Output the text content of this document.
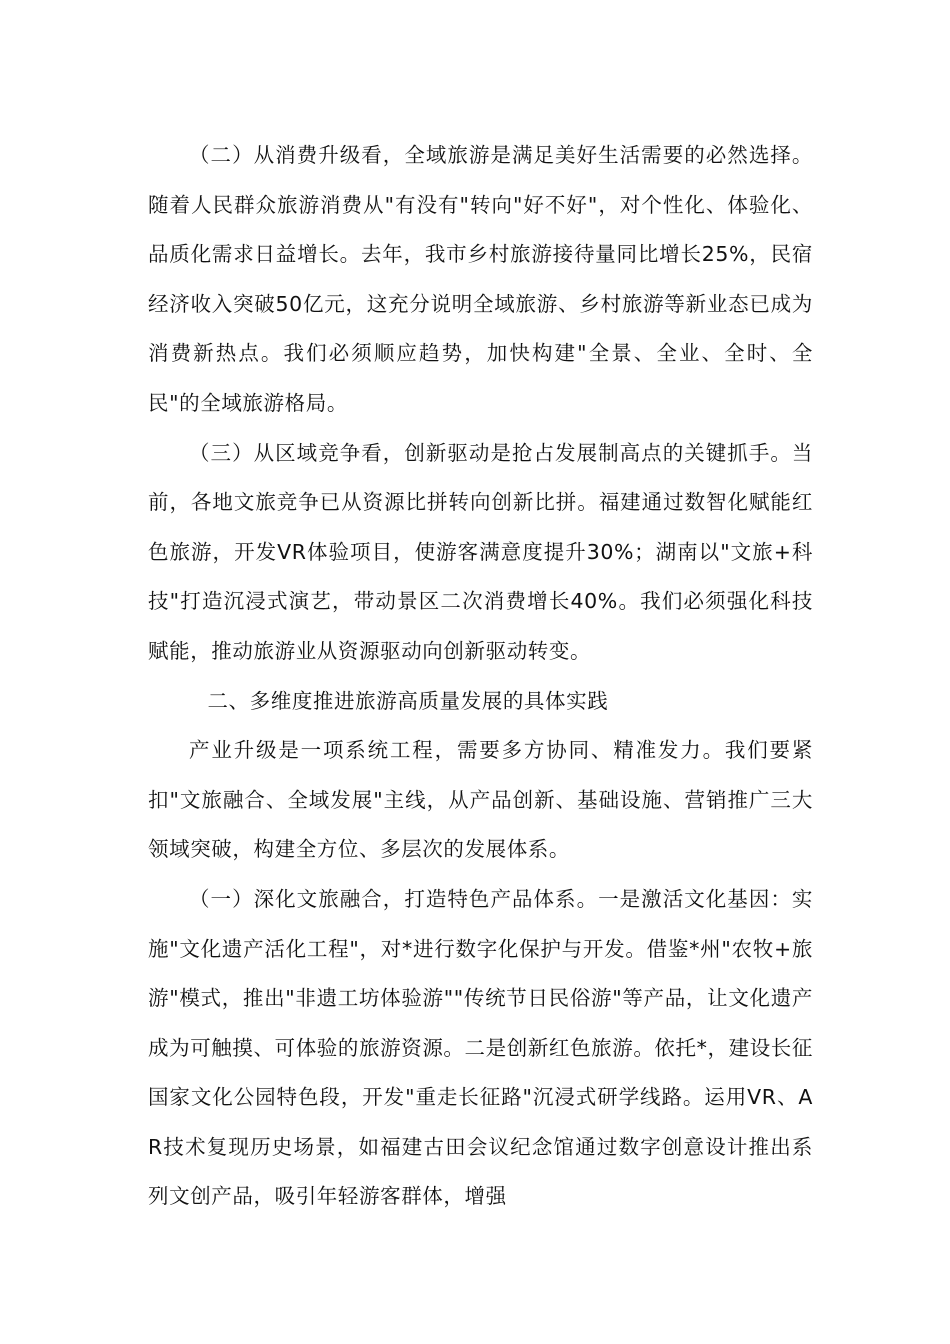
（二）从消费升级看，全域旅游是满足美好生活需要的必然选择。随着人民群众旅游消费从"有没有"转向"好不好"，对个性化、体验化、品质化需求日益增长。去年，我市乡村旅游接待量同比增长25%，民宿经济收入突破50亿元，这充分说明全域旅游、乡村旅游等新业态已成为消费新热点。我们必须顺应趋势，加快构建"全景、全业、全时、全民"的全域旅游格局。

（三）从区域竞争看，创新驱动是抢占发展制高点的关键抓手。当前，各地文旅竞争已从资源比拼转向创新比拼。福建通过数智化赋能红色旅游，开发VR体验项目，使游客满意度提升30%；湖南以"文旅+科技"打造沉浸式演艺，带动景区二次消费增长40%。我们必须强化科技赋能，推动旅游业从资源驱动向创新驱动转变。

二、多维度推进旅游高质量发展的具体实践

产业升级是一项系统工程，需要多方协同、精准发力。我们要紧扣"文旅融合、全域发展"主线，从产品创新、基础设施、营销推广三大领域突破，构建全方位、多层次的发展体系。

（一）深化文旅融合，打造特色产品体系。一是激活文化基因：实施"文化遗产活化工程"，对*进行数字化保护与开发。借鉴*州"农牧+旅游"模式，推出"非遗工坊体验游""传统节日民俗游"等产品，让文化遗产成为可触摸、可体验的旅游资源。二是创新红色旅游。依托*，建设长征国家文化公园特色段，开发"重走长征路"沉浸式研学线路。运用VR、AR技术复现历史场景，如福建古田会议纪念馆通过数字创意设计推出系列文创产品，吸引年轻游客群体，增强
